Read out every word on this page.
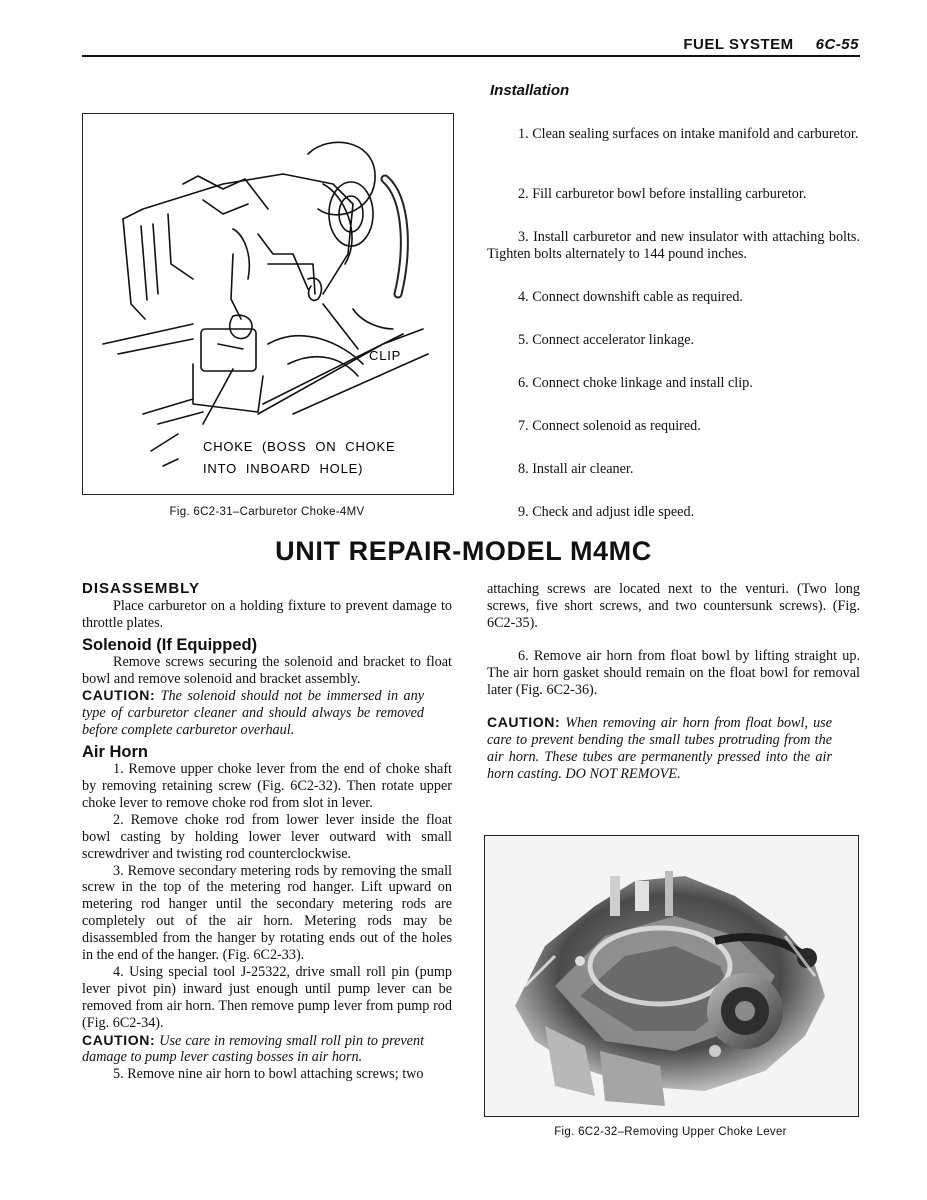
FUEL SYSTEM 6C-55
CLIP
CHOKE  (BOSS  ON  CHOKE
INTO  INBOARD  HOLE)
Fig. 6C2-31–Carburetor Choke-4MV
Installation
1. Clean sealing surfaces on intake manifold and carburetor.
2. Fill carburetor bowl before installing carburetor.
3. Install carburetor and new insulator with attaching bolts. Tighten bolts alternately to 144 pound inches.
4. Connect downshift cable as required.
5. Connect accelerator linkage.
6. Connect choke linkage and install clip.
7. Connect solenoid as required.
8. Install air cleaner.
9. Check and adjust idle speed.
UNIT REPAIR-MODEL M4MC
DISASSEMBLY

Place carburetor on a holding fixture to prevent damage to throttle plates.

Solenoid (If Equipped)

Remove screws securing the solenoid and bracket to float bowl and remove solenoid and bracket assembly.

CAUTION: The solenoid should not be immersed in any type of carburetor cleaner and should always be removed before complete carburetor overhaul.

Air Horn

1. Remove upper choke lever from the end of choke shaft by removing retaining screw (Fig. 6C2-32). Then rotate upper choke lever to remove choke rod from slot in lever.

2. Remove choke rod from lower lever inside the float bowl casting by holding lower lever outward with small screwdriver and twisting rod counterclockwise.

3. Remove secondary metering rods by removing the small screw in the top of the metering rod hanger. Lift upward on metering rod hanger until the secondary metering rods are completely out of the air horn. Metering rods may be disassembled from the hanger by rotating ends out of the holes in the end of the hanger. (Fig. 6C2-33).

4. Using special tool J-25322, drive small roll pin (pump lever pivot pin) inward just enough until pump lever can be removed from air horn. Then remove pump lever from pump rod (Fig. 6C2-34).

CAUTION: Use care in removing small roll pin to prevent damage to pump lever casting bosses in air horn.

5. Remove nine air horn to bowl attaching screws; two

attaching screws are located next to the venturi. (Two long screws, five short screws, and two countersunk screws). (Fig. 6C2-35).

6. Remove air horn from float bowl by lifting straight up. The air horn gasket should remain on the float bowl for removal later (Fig. 6C2-36).

CAUTION: When removing air horn from float bowl, use care to prevent bending the small tubes protruding from the air horn. These tubes are permanently pressed into the air horn casting. DO NOT REMOVE.

Fig. 6C2-32–Removing Upper Choke Lever
